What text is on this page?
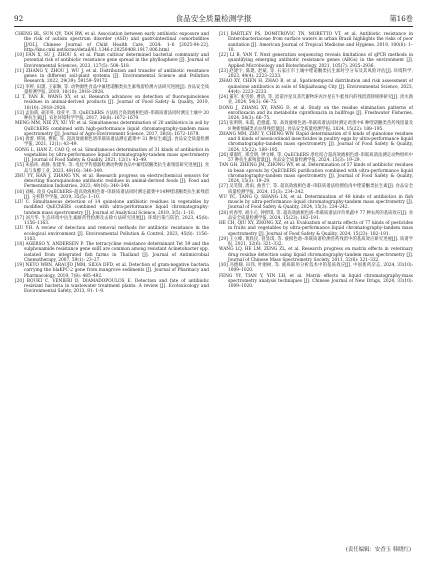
92	食品安全质量检测学报	第16卷

CHENG BL, SUN QY, TAN BW, et al. Association between early antibiotic exposure and the risk of autism spectrum disorder (ASD) and gastrointestinal comorbidities [J/OL]. Chinese Journal of Child Health Care, 2024: 1–6 [2025-04-22]. http://kns.cnki.net/kcms/detail/61.1346.r.20250408.1917.006.html

[10] FAN X, SU J, ZHOU S, et al. Plant cultivar determined bacterial community and potential risk of antibiotic resistance gene spread in the phyllosphere [J]. Journal of Environmental Sciences, 2023, 127(5): 508–518.

[11] ZHANG Y, ZHOU J, WU J, et al. Distribution and transfer of antibiotic resistance genes in different soil-plant systems [J]. Environmental Science and Pollution Research, 2022, 29(39): 59159–59172.

[12] 李婷, 田潇, 王家琳, 等. 动物源性食品中氟喹诺酮类抗生素残留检测方法研究进展[J]. 食品安全质量检测学报, 2019, 10(10): 2918–2928.

LI T, YAN R, WANG XY, et al. Research advances on detection of fluoroquinolones residues in animal-derived products [J]. Journal of Food Safety & Quality, 2019, 10(10): 2918–2928.

[13] 孟雨萌, 聂泽英, 徐亚平, 等. QuEChERS 方法结合高效液相色谱–串联质谱法同时测定土壤中 20 种抗生素[J]. 农业环境科学学报, 2017, 36(8): 1672–1679.

MENG MM, NIE ZY, XU YP, et al. Simultaneous determination of 20 antibiotics in soil by QuEChERS combined with high-performance liquid chromatography-tandem mass spectrometry [J]. Journal of Agro-Environment Science, 2017, 36(8): 1672–1679.

[14] 龚蕾, 韩锐, 曹锐, 等. 超高效液相色谱串联质谱法测定蔬菜中 31 种抗生素[J]. 食品安全质量检测学报, 2021, 12(1): 43–49.

GONG L, HAN Z, CAO Q, et al. Simultaneous determination of 31 kinds of antibiotics in vegetables by ultra-performance liquid chromatography-tandem mass spectrometry [J]. Journal of Food Safety & Quality, 2021, 12(1): 43–49.

[15] 朱依祎, 胡静, 张建华, 等. 电化学传感器检测动物源食品中氟喹诺酮类抗生素残留研究进展[J]. 食品与发酵工业, 2023, 49(16): 340–349.

ZHU YY, HAN J, ZHANG YN, et al. Research progress on electrochemical sensors for detecting fluoroquinolone antibiotic residues in animal-derived foods [J]. Food and Fermentation Industries, 2023, 49(16): 340–349.

[16] 刘栋. 改良 QuEChERS–超高效液相色谱–串联质谱法同时测定蔬菜中14种喹诺酮类抗生素残留[J]. 分析科学学报, 2019, 35(5): 1–10.

LIU C. Simultaneous detection of 14 quinolone antibiotic residues in vegetables by modified QuEChERS combined with ultra-performance liquid chromatography-tandem mass spectrometry [J]. Journal of Analytical Science, 2019, 3(5): 1–10.

[17] 刘月华. 生态环境中抗生素耐药性检测及去除方法研究进展[J]. 环境污染与防治, 2023, 45(8): 1156–1163.

LIU YH. A review of detection and removal methods for antibiotic resistance in the ecological environment [J]. Environmental Pollution & Control, 2023, 45(8): 1156–1163.

[18] AGERSO Y, ANDERSEN P. The tetracycline resistance determinant Tet 39 and the sulphonamide resistance gene sulII are common among resistant Acinetobacter spp. isolated from integrated fish farms in Thailand [J]. Journal of Antimicrobial Chemotherapy, 2007, 59(1): 23–27.

[19] NETO WRN, ARAUJO JMM, SILVA DFD, et al. Detection of gram-negative bacteria carrying the blaKPC-2 gene from mangrove sediments [J]. Journal of Pharmacy and Pharmacology, 2019, 7(8): 485–492.

[20] BOUKI C, VENIERI D, DIAMADOPOULOS E. Detection and fate of antibiotic resistant bacteria in wastewater treatment plants: A review [J]. Ecotoxicology and Environmental Safety, 2013, 91: 1–9.

[21] BARTLEY PS, DOMITROVIC TN, MORETTO VT, et al. Antibiotic resistance in Enterobacteriaceae from surface waters in urban Brazil highlights the risks of poor sanitation [J]. American Journal of Tropical Medicine and Hygiene, 2019, 100(6): 1–10.

[22] LI B, YAN T. Next generation sequencing reveals limitations of qPCR methods in quantifying emerging antibiotic resistance genes (ARGs) in the environment [J]. Applied Microbiology and Biotechnology, 2021, 105(7): 2925–2936.

[23] 赵建宇, 陈建, 赵斌, 等. 石家庄市土壤中喹诺酮类抗生素时空分布及其风险评估[J]. 环境科学, 2023, 44(4): 2223–2233.

ZHAO XY, CHEN H, ZHAO B, et al. Spatiotemporal distribution and risk assessment of quinolone antibiotics in soils of Shijiazhuang City [J]. Environmental Science, 2023, 44(4): 2223–2233.

[24] 董军, 张雪娇, 曹清, 等. 恩诺沙星及其代谢物环丙沙星在牛蛙体内的残留消除规律研究[J]. 淡水渔业, 2024, 54(3): 66–75.

DONG J, ZHANG XY, FANG D, et al. Study on the residue elimination patterns of enrofloxacin and its metabolite ciprofloxacin in bullfrogs [J]. Freshwater Fisheries, 2024, 54(3): 66–75.

[25] 张明明, 朱霞, 范德鑫, 等. 高效液相色谱–串联质谱法同时测定鸡蛋中6 种喹诺酮类兽药残留量及 8 种新烟碱类杀虫剂残留量[J]. 食品安全质量检测学报, 2024, 15(22): 188–195.

ZHANG MM, ZHU Y, CHENG WW. Rapid determination of 6 kinds of quinolone residues and 8 kinds of neonicotinoid insecticides in poultry eggs by ultra-performance liquid chromatography-tandem mass spectrometry [J]. Journal of Food Safety & Quality, 2024, 15(22): 188–195.

[26] 谭淑红, 邢会明, 钟文峰, 等. QuEChERS 净化结合超高效液相色谱–串联质谱法测定动物组织中 57 种抗生素残留量[J]. 食品安全质量检测学报, 2024, 15(3): 19–29.

TAN GH, ZHENG JM, ZHONG WY, et al. Determination of 57 kinds of antibiotic residues in bean sprouts by QuEChERS purification combined with ultra-performance liquid chromatography-tandem mass spectrometry [J]. Journal of Food Safety & Quality, 2024, 15(3): 19–29.

[27] 吴笑瑞, 唐雨, 曲善宁, 等. 超高效液相色谱–串联质谱法检测鱼肉中喹诺酮类抗生素[J]. 食品安全质量检测学报, 2024, 15(3): 234–242.

WU YC, TANG Q, SHANG LN, et al. Determination of 48 kinds of antibiotics in fish muscle by ultra-performance liquid chromatography-tandem mass spectrometry [J]. Journal of Food Safety & Quality, 2024, 15(3): 234–242.

[28] 何春琴, 胡小元, 钟智琪, 等. 超高效液相色谱–串联质谱法评价果蔬中 77 种农药的基质效应[J]. 食品安全质量检测学报, 2024, 15(23): 182–191.

HE CH, QIU XY, ZHONG XZ, et al. Evaluation of matrix effects of 77 kinds of pesticides in fruits and vegetables by ultra-performance liquid chromatography-tandem mass spectrometry [J]. Journal of Food Safety & Quality, 2024, 15(23): 182–191.

[29] 王立峰, 黄轶民, 曾显琪, 等. 液相色谱–串联质谱检测兽药残留中的基质效应研究进展[J]. 质谱学报, 2021, 32(6): 321–332.

WANG LQ, HE LM, ZENG ZL, et al. Research progress on matrix effects in veterinary drug residue detection using liquid chromatography-tandem mass spectrometry [J]. Journal of Chinese Mass Spectrometry Society, 2011, 32(6): 321–332.

[30] 冯德娣, 田伟, 叶刚树, 等. 液质联用分析技术中的基质效应[J]. 中国新药杂志, 2024, 33(10): 1009–1020.

FENG YY, TIAN Y, YIN LH, et al. Matrix effects in liquid chromatography-mass spectrometry analysis techniques [J]. Chinese Journal of New Drugs, 2024, 33(10): 1009–1020.

(责任编辑：安香玉 韩晓红)
